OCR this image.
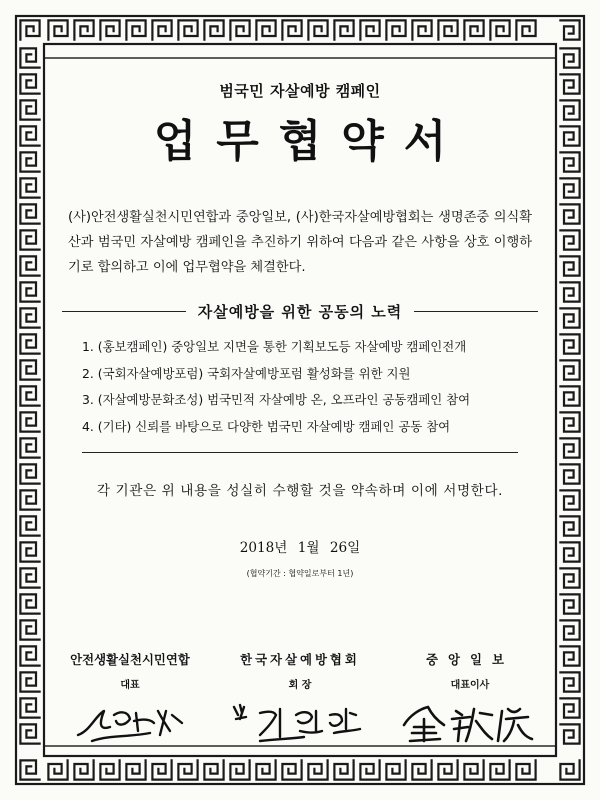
범국민 자살예방 캠페인
업무협약서

(사)안전생활실천시민연합과 중앙일보, (사)한국자살예방협회는 생명존중 의식확산과 범국민 자살예방 캠페인을 추진하기 위하여 다음과 같은 사항을 상호 이행하기로 합의하고 이에 업무협약을 체결한다.

자살예방을 위한 공동의 노력
1. (홍보캠페인) 중앙일보 지면을 통한 기획보도등 자살예방 캠페인전개
2. (국회자살예방포럼) 국회자살예방포럼 활성화를 위한 지원
3. (자살예방문화조성) 범국민적 자살예방 온, 오프라인 공동캠페인 참여
4. (기타) 신뢰를 바탕으로 다양한 범국민 자살예방 캠페인 공동 참여
각 기관은 위 내용을 성실히 수행할 것을 약속하며 이에 서명한다.
2018년 1월 26일
(협약기간 : 협약일로부터 1년)
안전생활실천시민연합
대표
한국자살예방협회
회 장
중앙일보
대표이사
